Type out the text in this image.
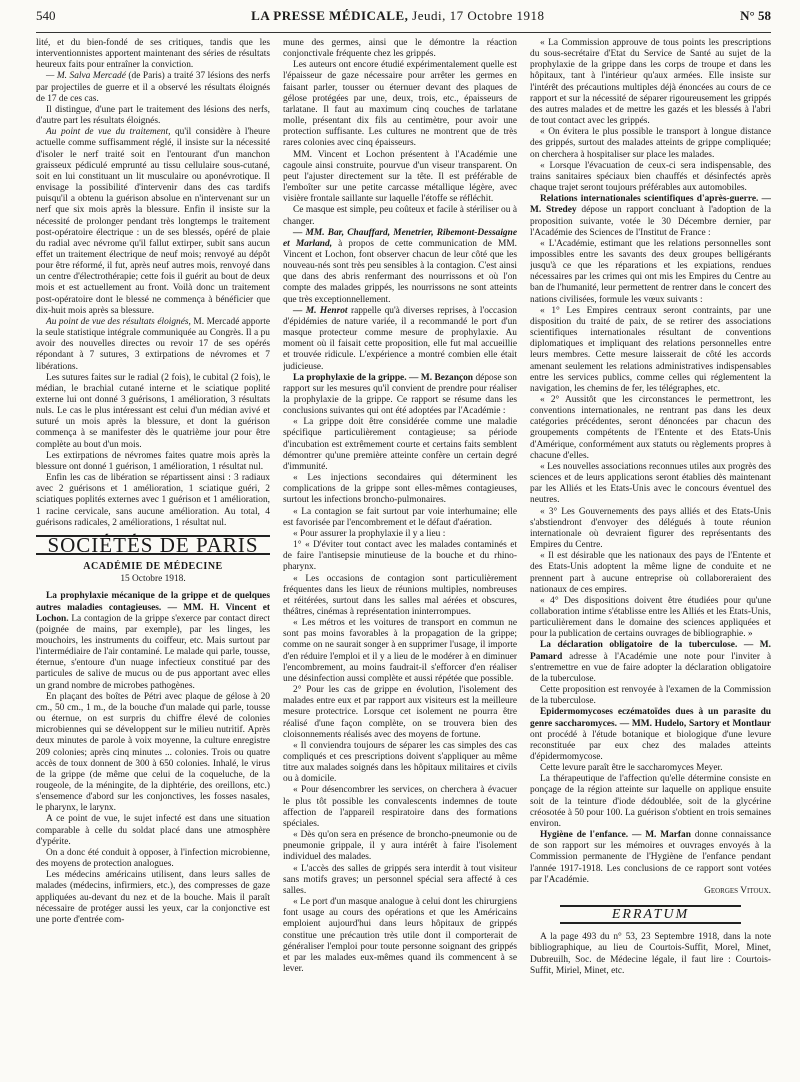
540	LA PRESSE MÉDICALE, Jeudi, 17 Octobre 1918	N° 58

lité, et du bien-fondé de ses critiques, tandis que les interventionnistes apportent maintenant des séries de résultats heureux faits pour entraîner la conviction.

— M. Salva Mercadé (de Paris) a traité 37 lésions des nerfs par projectiles de guerre et il a observé les résultats éloignés de 17 de ces cas.

Il distingue, d'une part le traitement des lésions des nerfs, d'autre part les résultats éloignés.

Au point de vue du traitement, qu'il considère à l'heure actuelle comme suffisamment réglé, il insiste sur la nécessité d'isoler le nerf traité soit en l'entourant d'un manchon graisseux pédiculé emprunté au tissu cellulaire sous-cutané, soit en lui constituant un lit musculaire ou aponévrotique. Il envisage la possibilité d'intervenir dans des cas tardifs puisqu'il a obtenu la guérison absolue en n'intervenant sur un nerf que six mois après la blessure. Enfin il insiste sur la nécessité de prolonger pendant très longtemps le traitement post-opératoire électrique : un de ses blessés, opéré de plaie du radial avec névrome qu'il fallut extirper, subit sans aucun effet un traitement électrique de neuf mois; renvoyé au dépôt pour être réformé, il fut, après neuf autres mois, renvoyé dans un centre d'électrothérapie; cette fois il guérit au bout de deux mois et est actuellement au front. Voilà donc un traitement post-opératoire dont le blessé ne commença à bénéficier que dix-huit mois après sa blessure.

Au point de vue des résultats éloignés, M. Mercadé apporte la seule statistique intégrale communiquée au Congrès. Il a pu avoir des nouvelles directes ou revoir 17 de ses opérés répondant à 7 sutures, 3 extirpations de névromes et 7 libérations.

Les sutures faites sur le radial (2 fois), le cubital (2 fois), le médian, le brachial cutané interne et le sciatique poplité externe lui ont donné 3 guérisons, 1 amélioration, 3 résultats nuls. Le cas le plus intéressant est celui d'un médian avivé et suturé un mois après la blessure, et dont la guérison commença à se manifester dès le quatrième jour pour être complète au bout d'un mois.

Les extirpations de névromes faites quatre mois après la blessure ont donné 1 guérison, 1 amélioration, 1 résultat nul.

Enfin les cas de libération se répartissent ainsi : 3 radiaux avec 2 guérisons et 1 amélioration, 1 sciatique guéri, 2 sciatiques poplités externes avec 1 guérison et 1 amélioration, 1 racine cervicale, sans aucune amélioration. Au total, 4 guérisons radicales, 2 améliorations, 1 résultat nul.

SOCIÉTÉS DE PARIS
ACADÉMIE DE MÉDECINE
15 Octobre 1918.

La prophylaxie mécanique de la grippe et de quelques autres maladies contagieuses. — MM. H. Vincent et Lochon. La contagion de la grippe s'exerce par contact direct (poignée de mains, par exemple), par les linges, les mouchoirs, les instruments du coiffeur, etc. Mais surtout par l'intermédiaire de l'air contaminé. Le malade qui parle, tousse, éternue, s'entoure d'un nuage infectieux constitué par des particules de salive de mucus ou de pus apportant avec elles un grand nombre de microbes pathogènes.

En plaçant des boîtes de Pétri avec plaque de gélose à 20 cm., 50 cm., 1 m., de la bouche d'un malade qui parle, tousse ou éternue, on est surpris du chiffre élevé de colonies microbiennes qui se développent sur le milieu nutritif. Après deux minutes de parole à voix moyenne, la culture enregistre 209 colonies; après cinq minutes ... colonies. Trois ou quatre accès de toux donnent de 300 à 650 colonies. Inhalé, le virus de la grippe (de même que celui de la coqueluche, de la rougeole, de la méningite, de la diphtérie, des oreillons, etc.) s'ensemence d'abord sur les conjonctives, les fosses nasales, le pharynx, le larynx.

A ce point de vue, le sujet infecté est dans une situation comparable à celle du soldat placé dans une atmosphère d'ypérite.

On a donc été conduit à opposer, à l'infection microbienne, des moyens de protection analogues.

Les médecins américains utilisent, dans leurs salles de malades (médecins, infirmiers, etc.), des compresses de gaze appliquées au-devant du nez et de la bouche. Mais il paraît nécessaire de protéger aussi les yeux, car la conjonctive est une porte d'entrée com-

mune des germes, ainsi que le démontre la réaction conjonctivale fréquente chez les grippés.

Les auteurs ont encore étudié expérimentalement quelle est l'épaisseur de gaze nécessaire pour arrêter les germes en faisant parler, tousser ou éternuer devant des plaques de gélose protégées par une, deux, trois, etc., épaisseurs de tarlatane. Il faut au maximum cinq couches de tarlatane molle, présentant dix fils au centimètre, pour avoir une protection suffisante. Les cultures ne montrent que de très rares colonies avec cinq épaisseurs.

MM. Vincent et Lochon présentent à l'Académie une cagoule ainsi construite, pourvue d'un viseur transparent. On peut l'ajuster directement sur la tête. Il est préférable de l'emboîter sur une petite carcasse métallique légère, avec visière frontale saillante sur laquelle l'étoffe se réfléchit.

Ce masque est simple, peu coûteux et facile à stériliser ou à changer.

— MM. Bar, Chauffard, Menetrier, Ribemont-Dessaigne et Marland, à propos de cette communication de MM. Vincent et Lochon, font observer chacun de leur côté que les nouveau-nés sont très peu sensibles à la contagion. C'est ainsi que dans des abris renfermant des nourrissons et où l'on compte des malades grippés, les nourrissons ne sont atteints que très exceptionnellement.

— M. Henrot rappelle qu'à diverses reprises, à l'occasion d'épidémies de nature variée, il a recommandé le port d'un masque protecteur comme mesure de prophylaxie. Au moment où il faisait cette proposition, elle fut mal accueillie et trouvée ridicule. L'expérience a montré combien elle était judicieuse.

La prophylaxie de la grippe. — M. Bezançon dépose son rapport sur les mesures qu'il convient de prendre pour réaliser la prophylaxie de la grippe. Ce rapport se résume dans les conclusions suivantes qui ont été adoptées par l'Académie :

« La grippe doit être considérée comme une maladie spécifique particulièrement contagieuse; sa période d'incubation est extrêmement courte et certains faits semblent démontrer qu'une première atteinte confère un certain degré d'immunité.

« Les injections secondaires qui déterminent les complications de la grippe sont elles-mêmes contagieuses, surtout les infections broncho-pulmonaires.

« La contagion se fait surtout par voie interhumaine; elle est favorisée par l'encombrement et le défaut d'aération.

« Pour assurer la prophylaxie il y a lieu :

1° « D'éviter tout contact avec les malades contaminés et de faire l'antisepsie minutieuse de la bouche et du rhino-pharynx.

« Les occasions de contagion sont particulièrement fréquentes dans les lieux de réunions multiples, nombreuses et réitérées, surtout dans les salles mal aérées et obscures, théâtres, cinémas à représentation ininterrompues.

« Les métros et les voitures de transport en commun ne sont pas moins favorables à la propagation de la grippe; comme on ne saurait songer à en supprimer l'usage, il importe d'en réduire l'emploi et il y a lieu de le modérer à en diminuer l'encombrement, au moins faudrait-il s'efforcer d'en réaliser une désinfection aussi complète et aussi répétée que possible.

2° Pour les cas de grippe en évolution, l'isolement des malades entre eux et par rapport aux visiteurs est la meilleure mesure protectrice. Lorsque cet isolement ne pourra être réalisé d'une façon complète, on se trouvera bien des cloisonnements réalisés avec des moyens de fortune.

« Il conviendra toujours de séparer les cas simples des cas compliqués et ces prescriptions doivent s'appliquer au même titre aux malades soignés dans les hôpitaux militaires et civils ou à domicile.

« Pour désencombrer les services, on cherchera à évacuer le plus tôt possible les convalescents indemnes de toute affection de l'appareil respiratoire dans des formations spéciales.

« Dès qu'on sera en présence de broncho-pneumonie ou de pneumonie grippale, il y aura intérêt à faire l'isolement individuel des malades.

« L'accès des salles de grippés sera interdit à tout visiteur sans motifs graves; un personnel spécial sera affecté à ces salles.

« Le port d'un masque analogue à celui dont les chirurgiens font usage au cours des opérations et que les Américains emploient aujourd'hui dans leurs hôpitaux de grippés constitue une précaution très utile dont il comporterait de généraliser l'emploi pour toute personne soignant des grippés et par les malades eux-mêmes quand ils commencent à se lever.

« La Commission approuve de tous points les prescriptions du sous-secrétaire d'Etat du Service de Santé au sujet de la prophylaxie de la grippe dans les corps de troupe et dans les hôpitaux, tant à l'intérieur qu'aux armées. Elle insiste sur l'intérêt des précautions multiples déjà énoncées au cours de ce rapport et sur la nécessité de séparer rigoureusement les grippés des autres malades et de mettre les gazés et les blessés à l'abri de tout contact avec les grippés.

« On évitera le plus possible le transport à longue distance des grippés, surtout des malades atteints de grippe compliquée; on cherchera à hospitaliser sur place les malades.

« Lorsque l'évacuation de ceux-ci sera indispensable, des trains sanitaires spéciaux bien chauffés et désinfectés après chaque trajet seront toujours préférables aux automobiles.

Relations internationales scientifiques d'après-guerre. — M. Stredey dépose un rapport concluant à l'adoption de la proposition suivante, votée le 30 Décembre dernier, par l'Académie des Sciences de l'Institut de France :

« L'Académie, estimant que les relations personnelles sont impossibles entre les savants des deux groupes belligérants jusqu'à ce que les réparations et les expiations, rendues nécessaires par les crimes qui ont mis les Empires du Centre au ban de l'humanité, leur permettent de rentrer dans le concert des nations civilisées, formule les vœux suivants :

« 1° Les Empires centraux seront contraints, par une disposition du traité de paix, de se retirer des associations scientifiques internationales résultant de conventions diplomatiques et impliquant des relations personnelles entre leurs membres. Cette mesure laisserait de côté les accords amenant seulement les relations administratives indispensables entre les services publics, comme celles qui réglementent la navigation, les chemins de fer, les télégraphes, etc.

« 2° Aussitôt que les circonstances le permettront, les conventions internationales, ne rentrant pas dans les deux catégories précédentes, seront dénoncées par chacun des groupements compétents de l'Entente et des Etats-Unis d'Amérique, conformément aux statuts ou règlements propres à chacune d'elles.

« Les nouvelles associations reconnues utiles aux progrès des sciences et de leurs applications seront établies dès maintenant par les Alliés et les Etats-Unis avec le concours éventuel des neutres.

« 3° Les Gouvernements des pays alliés et des Etats-Unis s'abstiendront d'envoyer des délégués à toute réunion internationale où devraient figurer des représentants des Empires du Centre.

« Il est désirable que les nationaux des pays de l'Entente et des Etats-Unis adoptent la même ligne de conduite et ne prennent part à aucune entreprise où collaboreraient des nationaux de ces empires.

« 4° Des dispositions doivent être étudiées pour qu'une collaboration intime s'établisse entre les Alliés et les Etats-Unis, particulièrement dans le domaine des sciences appliquées et pour la publication de certains ouvrages de bibliographie. »

La déclaration obligatoire de la tuberculose. — M. Pamard adresse à l'Académie une note pour l'inviter à s'entremettre en vue de faire adopter la déclaration obligatoire de la tuberculose.

Cette proposition est renvoyée à l'examen de la Commission de la tuberculose.

Epidermomycoses eczématoïdes dues à un parasite du genre saccharomyces. — MM. Hudelo, Sartory et Montlaur ont procédé à l'étude botanique et biologique d'une levure reconstituée par eux chez des malades atteints d'épidermomycose.

Cette levure paraît être le saccharomyces Meyer.

La thérapeutique de l'affection qu'elle détermine consiste en ponçage de la région atteinte sur laquelle on applique ensuite soit de la teinture d'iode dédoublée, soit de la glycérine créosotée à 50 pour 100. La guérison s'obtient en trois semaines environ.

Hygiène de l'enfance. — M. Marfan donne connaissance de son rapport sur les mémoires et ouvrages envoyés à la Commission permanente de l'Hygiène de l'enfance pendant l'année 1917-1918. Les conclusions de ce rapport sont votées par l'Académie.

Georges Vitoux.
ERRATUM

A la page 493 du n° 53, 23 Septembre 1918, dans la note bibliographique, au lieu de Courtois-Suffit, Morel, Minet, Dubreuilh, Soc. de Médecine légale, il faut lire : Courtois-Suffit, Miriel, Minet, etc.
